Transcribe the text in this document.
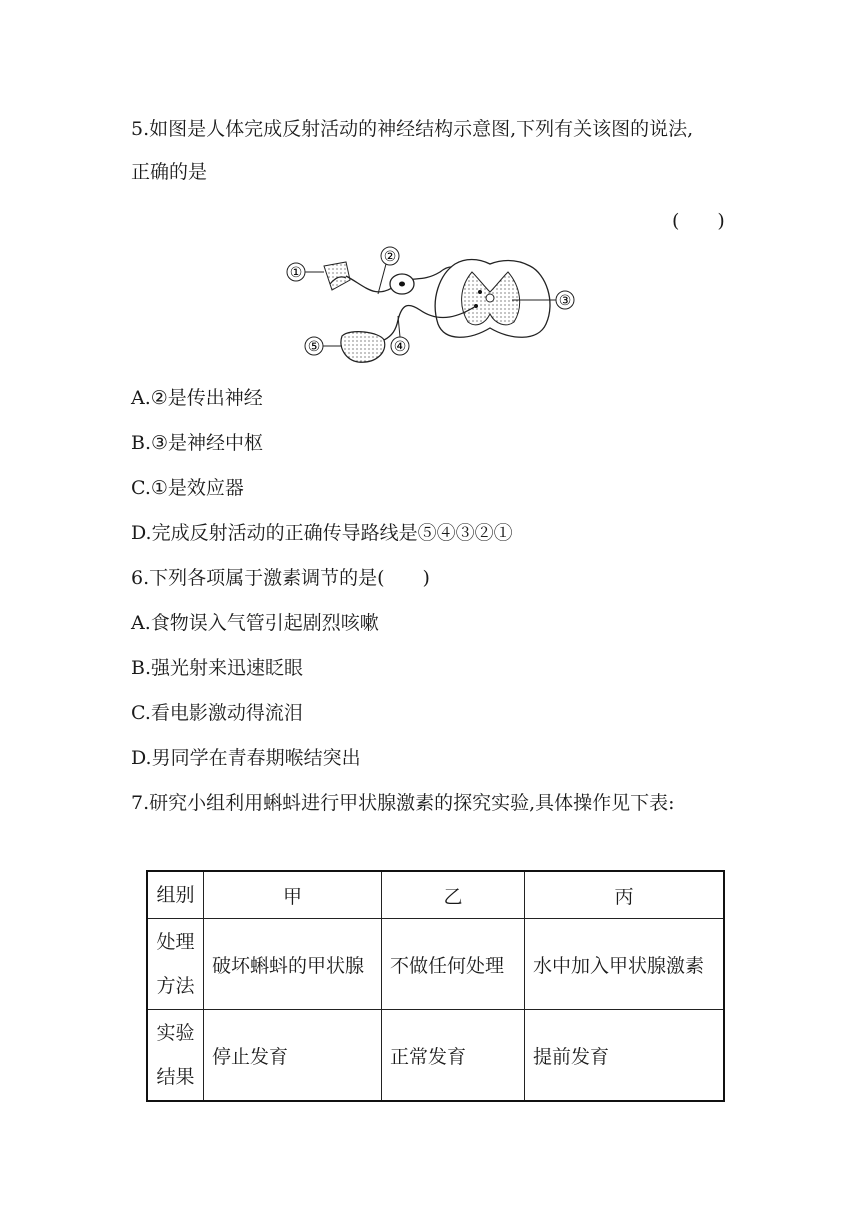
5.如图是人体完成反射活动的神经结构示意图,下列有关该图的说法,
正确的是
(　　)
①
②
③
④
⑤
A.②是传出神经
B.③是神经中枢
C.①是效应器
D.完成反射活动的正确传导路线是⑤④③②①
6.下列各项属于激素调节的是(　　)
A.食物误入气管引起剧烈咳嗽
B.强光射来迅速眨眼
C.看电影激动得流泪
D.男同学在青春期喉结突出
7.研究小组利用蝌蚪进行甲状腺激素的探究实验,具体操作见下表:
组别	甲	乙	丙

处理
方法	破坏蝌蚪的甲状腺	不做任何处理	水中加入甲状腺激素

实验
结果	停止发育	正常发育	提前发育
